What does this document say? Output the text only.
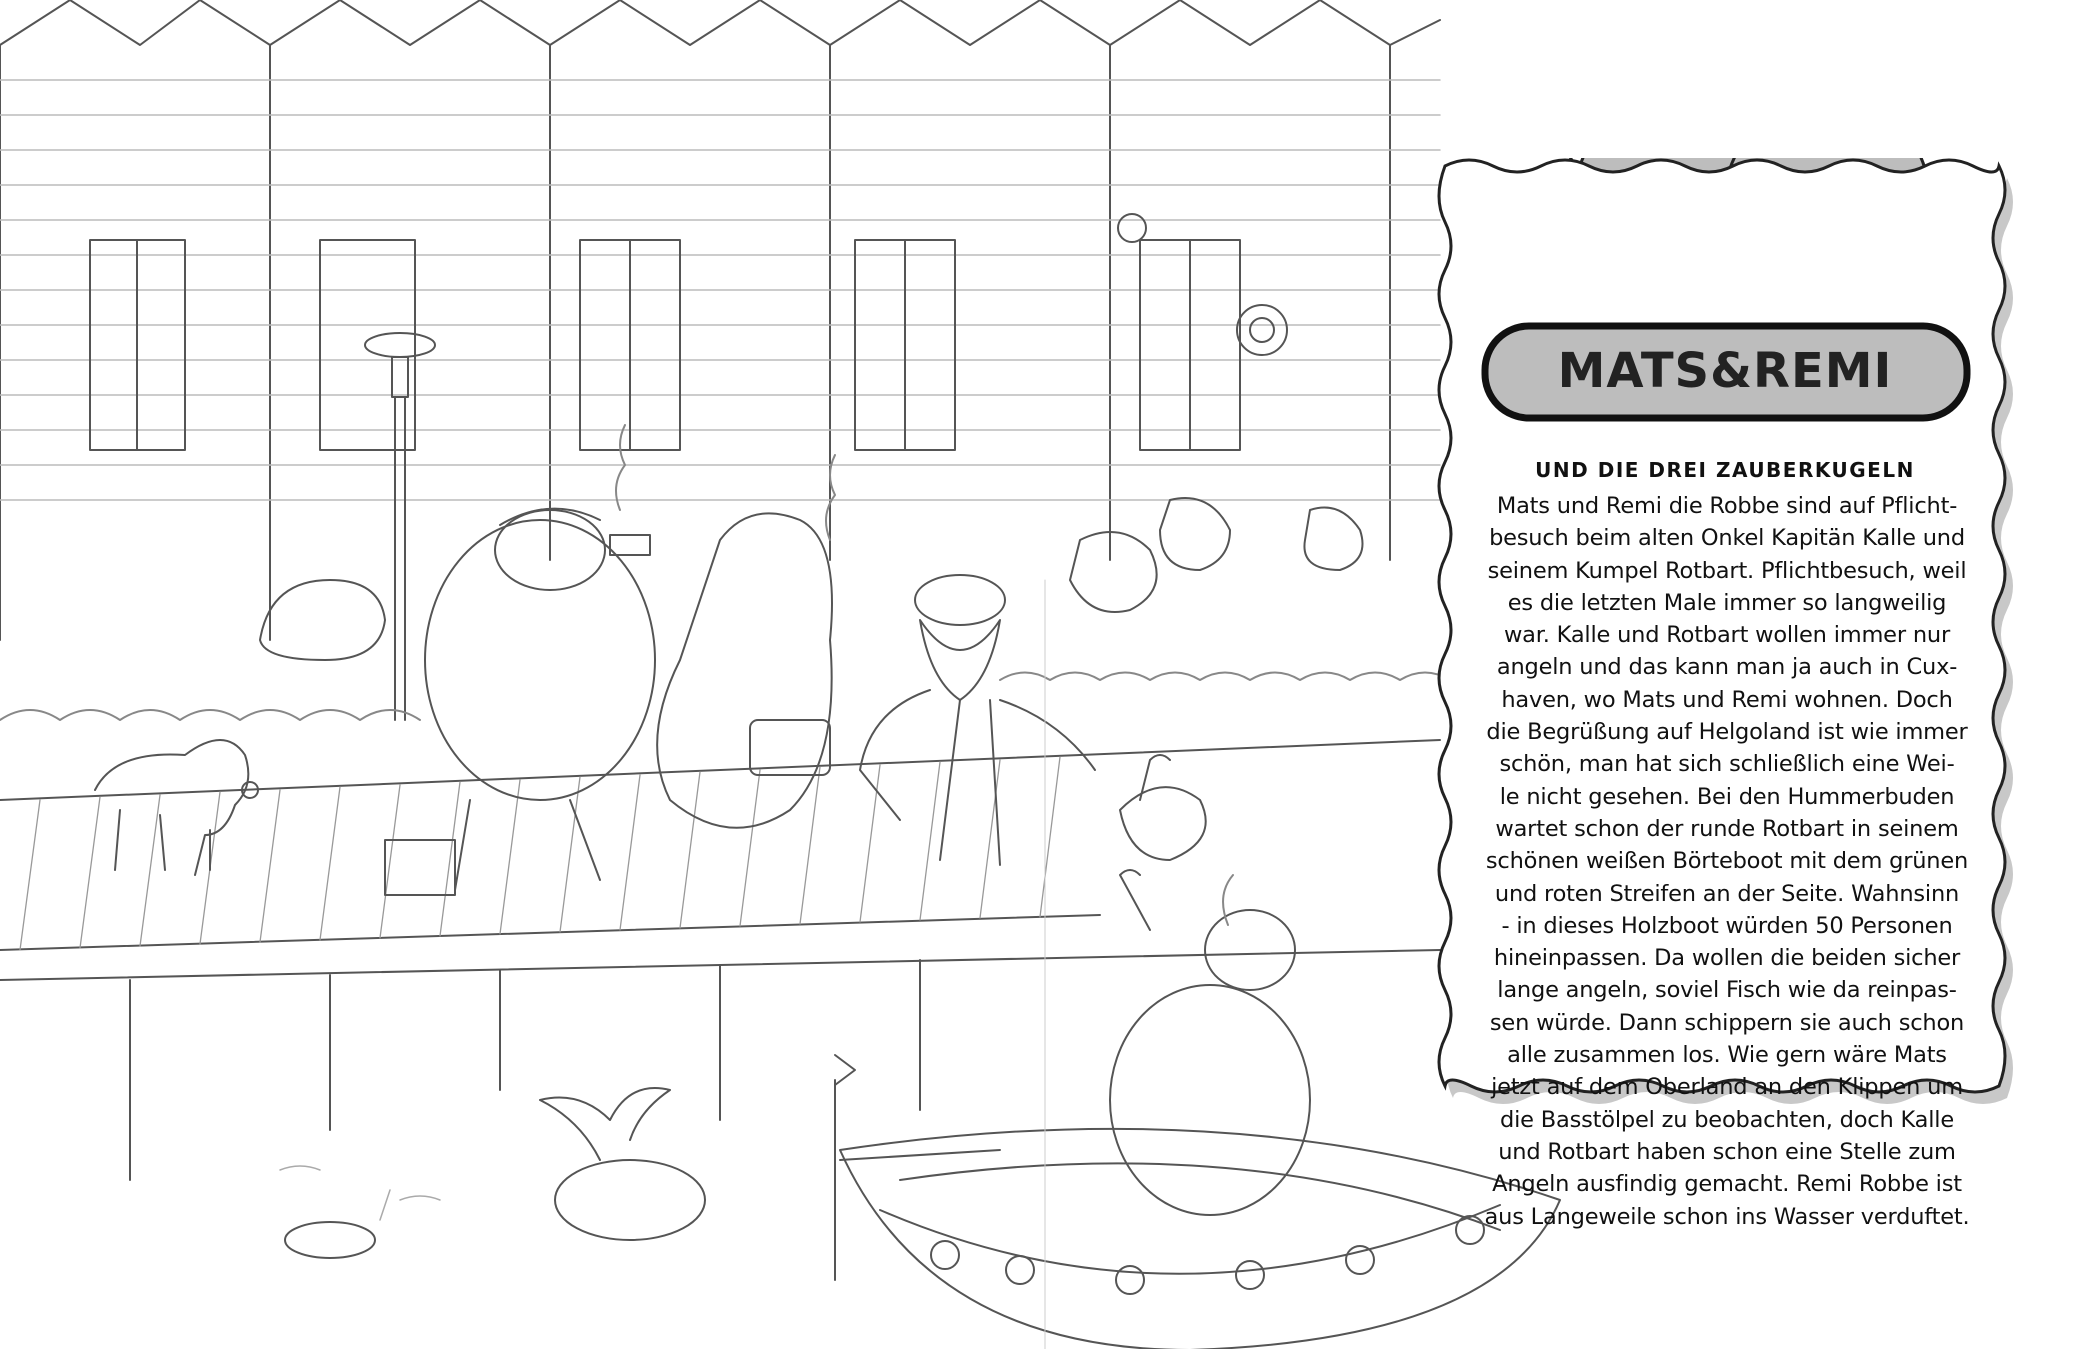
MATS&REMI
UND DIE DREI ZAUBERKUGELN

Mats und Remi die Robbe sind auf Pflicht-
besuch beim alten Onkel Kapitän Kalle und
seinem Kumpel Rotbart. Pflichtbesuch, weil
es die letzten Male immer so langweilig
war. Kalle und Rotbart wollen immer nur
angeln und das kann man ja auch in Cux-
haven, wo Mats und Remi wohnen. Doch
die Begrüßung auf Helgoland ist wie immer
schön, man hat sich schließlich eine Wei-
le nicht gesehen. Bei den Hummerbuden
wartet schon der runde Rotbart in seinem
schönen weißen Börteboot mit dem grünen
und roten Streifen an der Seite. Wahnsinn
- in dieses Holzboot würden 50 Personen
hineinpassen. Da wollen die beiden sicher
lange angeln, soviel Fisch wie da reinpas-
sen würde. Dann schippern sie auch schon
alle zusammen los. Wie gern wäre Mats
jetzt auf dem Oberland an den Klippen um
die Basstölpel zu beobachten, doch Kalle
und Rotbart haben schon eine Stelle zum
Angeln ausfindig gemacht. Remi Robbe ist
aus Langeweile schon ins Wasser verduftet.
